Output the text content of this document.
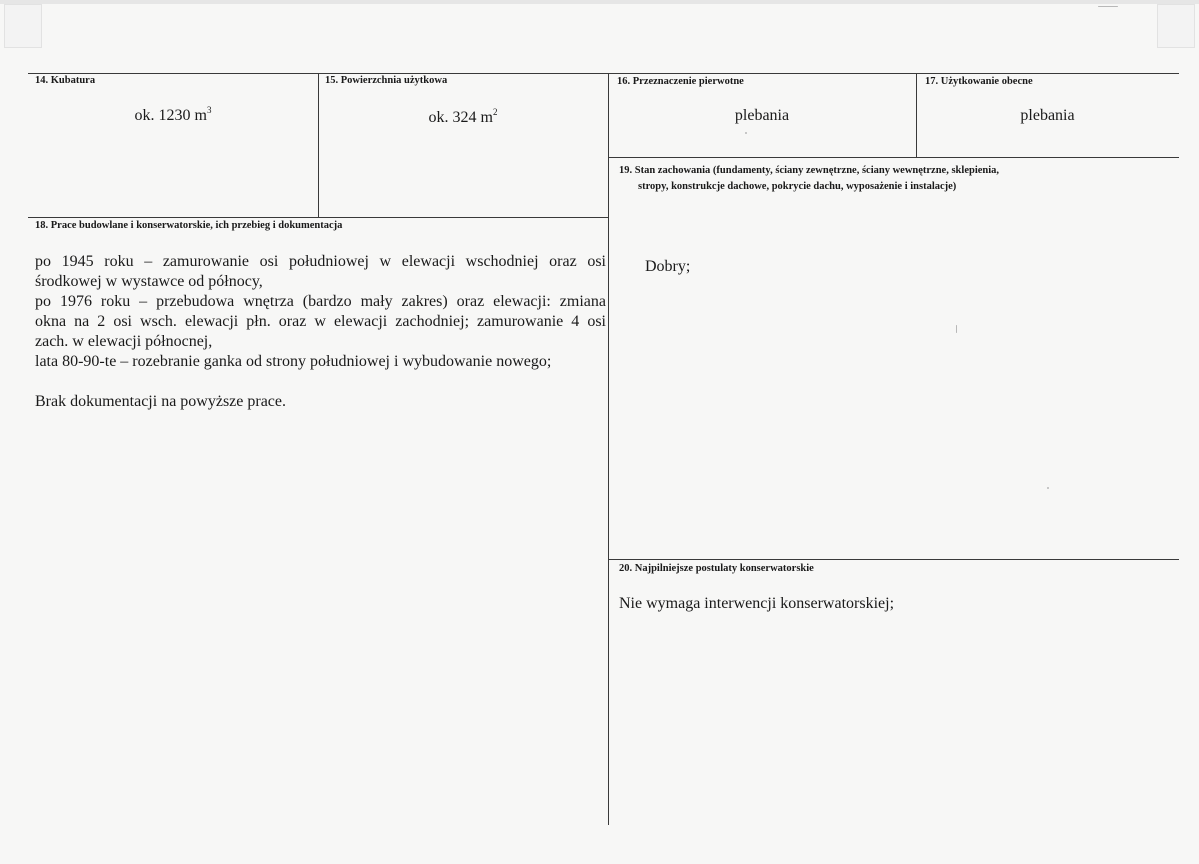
14. Kubatura
ok. 1230 $m^3$
15. Powierzchnia użytkowa
ok. 324 $m^2$
16. Przeznaczenie pierwotne
plebania
17. Użytkowanie obecne
plebania
19. Stan zachowania (fundamenty, ściany zewnętrzne, ściany wewnętrzne, sklepienia,
stropy, konstrukcje dachowe, pokrycie dachu, wyposażenie i instalacje)
Dobry;
18. Prace budowlane i konserwatorskie, ich przebieg i dokumentacja
po 1945 roku – zamurowanie osi południowej w elewacji wschodniej oraz osi
środkowej w wystawce od północy,
po 1976 roku – przebudowa wnętrza (bardzo mały zakres) oraz elewacji: zmiana
okna na 2 osi wsch. elewacji płn. oraz w elewacji zachodniej; zamurowanie 4 osi
zach. w elewacji północnej,
lata 80-90-te – rozebranie ganka od strony południowej i wybudowanie nowego;
Brak dokumentacji na powyższe prace.
20. Najpilniejsze postulaty konserwatorskie
Nie wymaga interwencji konserwatorskiej;
